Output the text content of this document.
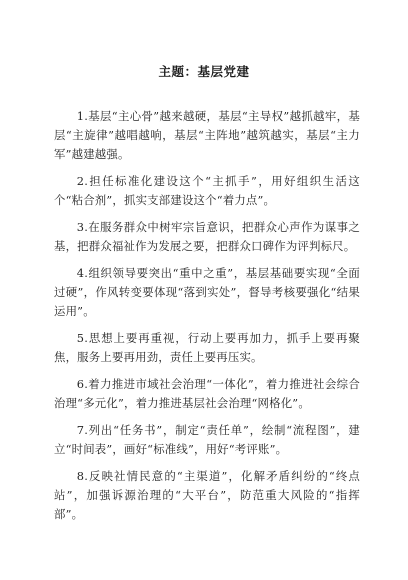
主题：基层党建

1.基层“主心骨”越来越硬，基层“主导权”越抓越牢，基层“主旋律”越唱越响，基层“主阵地”越筑越实，基层“主力军”越建越强。

2.担任标准化建设这个“主抓手”，用好组织生活这个“粘合剂”，抓实支部建设这个“着力点”。

3.在服务群众中树牢宗旨意识，把群众心声作为谋事之基，把群众福祉作为发展之要，把群众口碑作为评判标尺。

4.组织领导要突出“重中之重”，基层基础要实现“全面过硬”，作风转变要体现“落到实处”，督导考核要强化“结果运用”。

5.思想上要再重视，行动上要再加力，抓手上要再聚焦，服务上要再用劲，责任上要再压实。

6.着力推进市域社会治理“一体化”，着力推进社会综合治理“多元化”，着力推进基层社会治理“网格化”。

7.列出“任务书”，制定“责任单”，绘制“流程图”，建立“时间表”，画好“标准线”，用好“考评账”。

8.反映社情民意的“主渠道”，化解矛盾纠纷的“终点站”，加强诉源治理的“大平台”，防范重大风险的“指挥部”。
